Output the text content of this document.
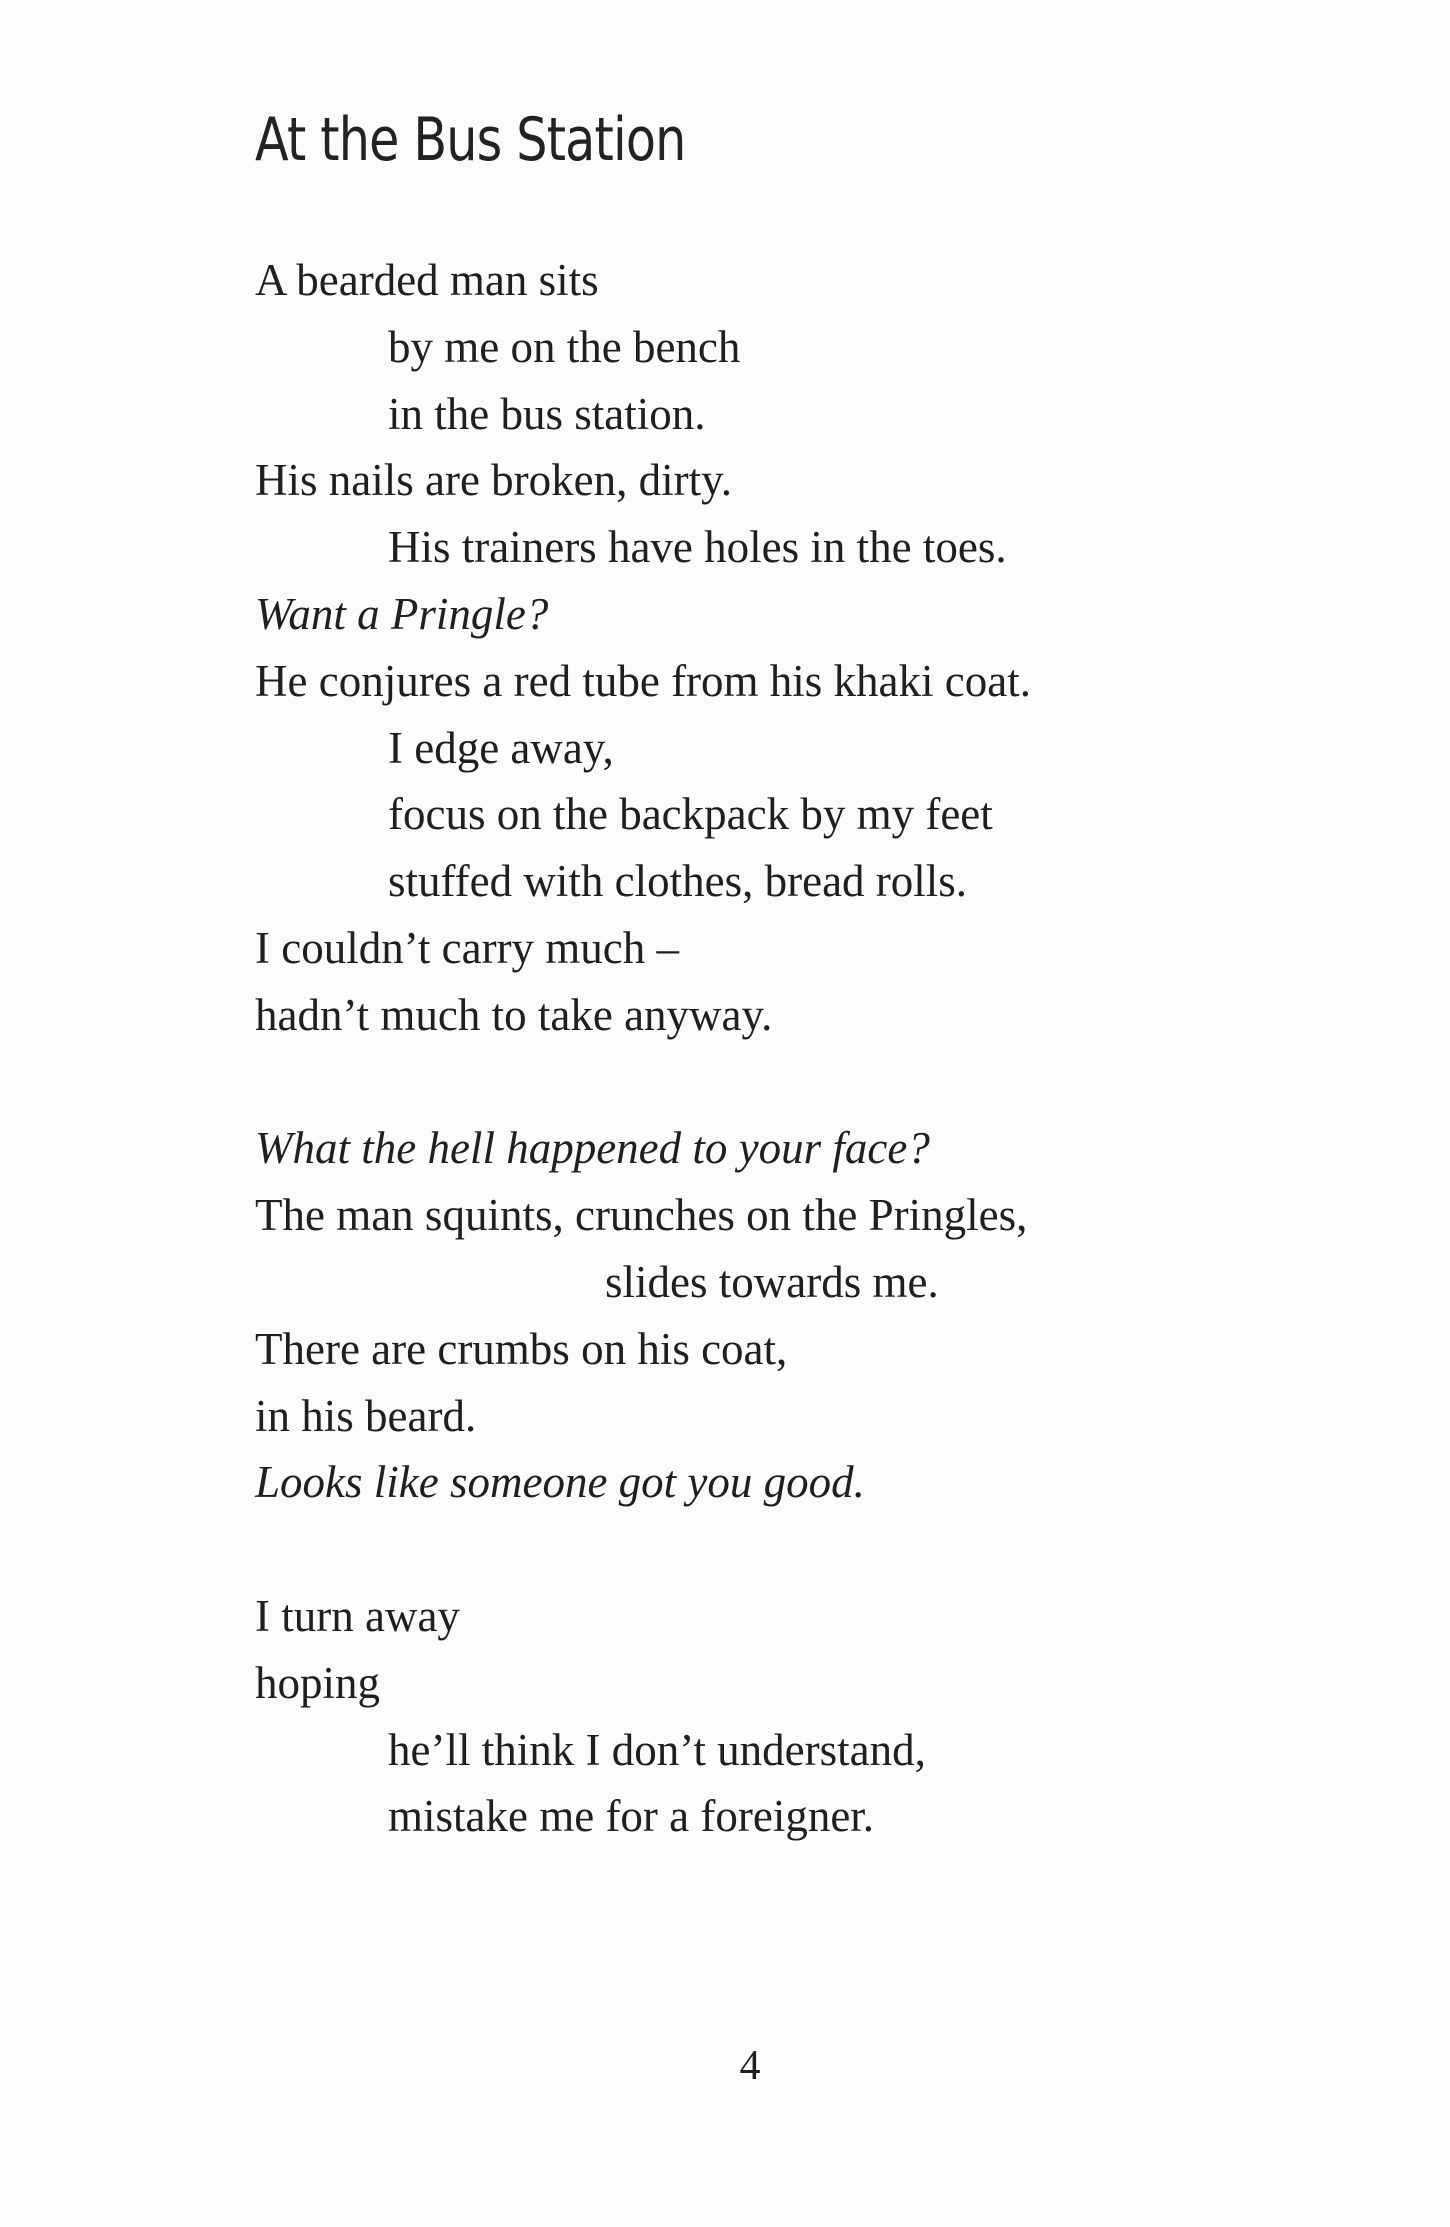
At the Bus Station
A bearded man sits
by me on the bench
in the bus station.
His nails are broken, dirty.
His trainers have holes in the toes.
Want a Pringle?
He conjures a red tube from his khaki coat.
I edge away,
focus on the backpack by my feet
stuffed with clothes, bread rolls.
I couldn’t carry much –
hadn’t much to take anyway.
What the hell happened to your face?
The man squints, crunches on the Pringles,
slides towards me.
There are crumbs on his coat,
in his beard.
Looks like someone got you good.
I turn away
hoping
he’ll think I don’t understand,
mistake me for a foreigner.
4
